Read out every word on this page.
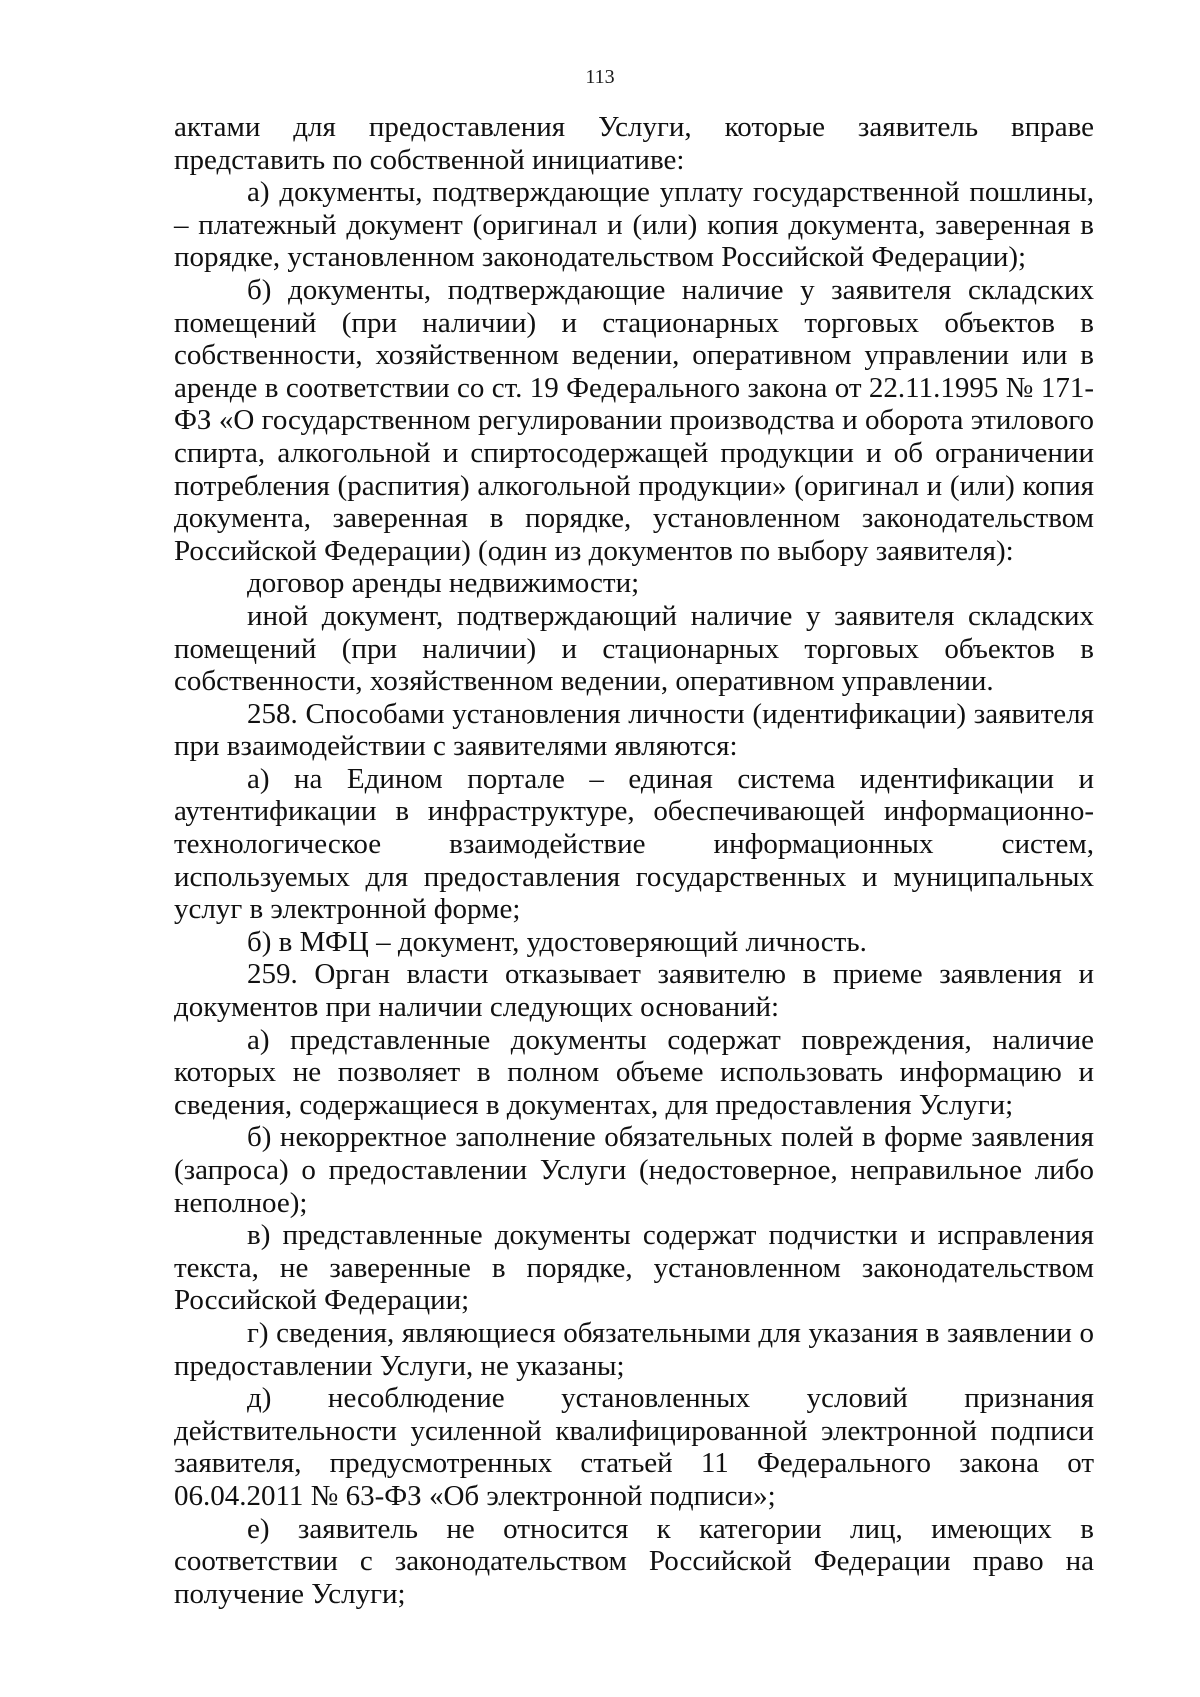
113

актами для предоставления Услуги, которые заявитель вправе представить по собственной инициативе:

а) документы, подтверждающие уплату государственной пошлины, – платежный документ (оригинал и (или) копия документа, заверенная в порядке, установленном законодательством Российской Федерации);

б) документы, подтверждающие наличие у заявителя складских помещений (при наличии) и стационарных торговых объектов в собственности, хозяйственном ведении, оперативном управлении или в аренде в соответствии со ст. 19 Федерального закона от 22.11.1995 № 171-ФЗ «О государственном регулировании производства и оборота этилового спирта, алкогольной и спиртосодержащей продукции и об ограничении потребления (распития) алкогольной продукции» (оригинал и (или) копия документа, заверенная в порядке, установленном законодательством Российской Федерации) (один из документов по выбору заявителя):

договор аренды недвижимости;

иной документ, подтверждающий наличие у заявителя складских помещений (при наличии) и стационарных торговых объектов в собственности, хозяйственном ведении, оперативном управлении.

258. Способами установления личности (идентификации) заявителя при взаимодействии с заявителями являются:

а) на Едином портале – единая система идентификации и аутентификации в инфраструктуре, обеспечивающей информационно-технологическое взаимодействие информационных систем, используемых для предоставления государственных и муниципальных услуг в электронной форме;

б) в МФЦ – документ, удостоверяющий личность.

259. Орган власти отказывает заявителю в приеме заявления и документов при наличии следующих оснований:

а) представленные документы содержат повреждения, наличие которых не позволяет в полном объеме использовать информацию и сведения, содержащиеся в документах, для предоставления Услуги;

б) некорректное заполнение обязательных полей в форме заявления (запроса) о предоставлении Услуги (недостоверное, неправильное либо неполное);

в) представленные документы содержат подчистки и исправления текста, не заверенные в порядке, установленном законодательством Российской Федерации;

г) сведения, являющиеся обязательными для указания в заявлении о предоставлении Услуги, не указаны;

д) несоблюдение установленных условий признания действительности усиленной квалифицированной электронной подписи заявителя, предусмотренных статьей 11 Федерального закона от 06.04.2011 № 63-ФЗ «Об электронной подписи»;

е) заявитель не относится к категории лиц, имеющих в соответствии с законодательством Российской Федерации право на получение Услуги;
